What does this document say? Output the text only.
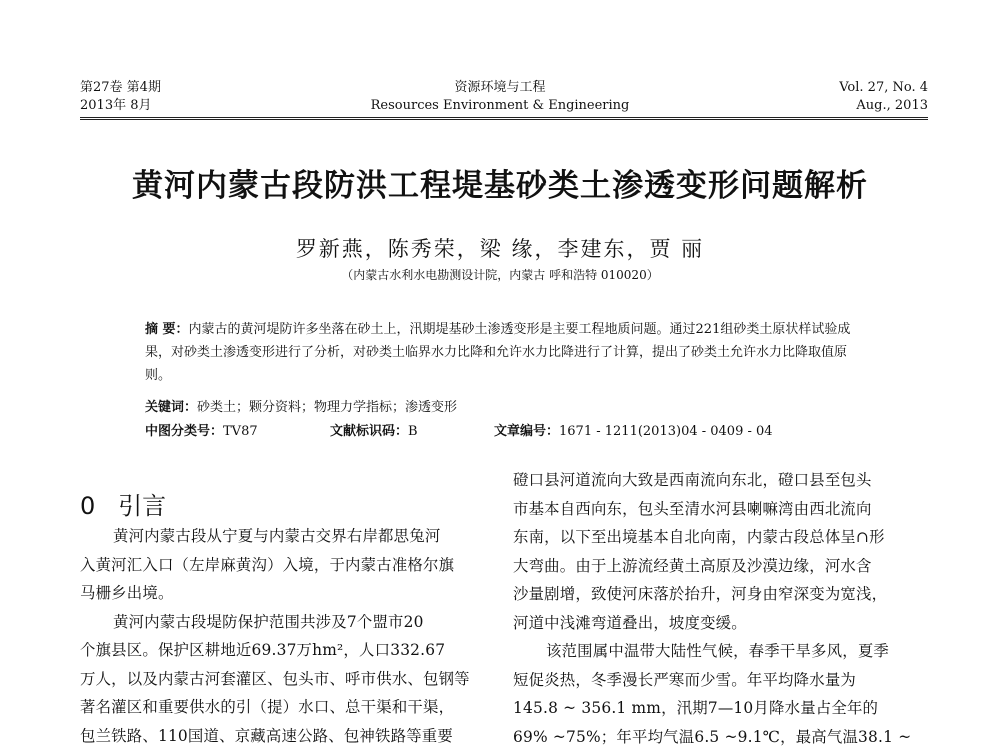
第27卷 第4期
2013年 8月
资源环境与工程
Resources Environment & Engineering
Vol. 27, No. 4
Aug., 2013
黄河内蒙古段防洪工程堤基砂类土渗透变形问题解析
罗新燕，陈秀荣，梁 缘，李建东，贾 丽
（内蒙古水利水电勘测设计院，内蒙古 呼和浩特 010020）
摘 要：内蒙古的黄河堤防许多坐落在砂土上，汛期堤基砂土渗透变形是主要工程地质问题。通过221组砂类土原状样试验成果，对砂类土渗透变形进行了分析，对砂类土临界水力比降和允许水力比降进行了计算，提出了砂类土允许水力比降取值原则。
关键词：砂类土；颗分资料；物理力学指标；渗透变形
中图分类号：TV87	文献标识码：B	文章编号：1671 - 1211(2013)04 - 0409 - 04
0 引言

黄河内蒙古段从宁夏与内蒙古交界右岸都思兔河

入黄河汇入口（左岸麻黄沟）入境，于内蒙古准格尔旗

马栅乡出境。

黄河内蒙古段堤防保护范围共涉及7个盟市20

个旗县区。保护区耕地近69.37万hm²，人口332.67

万人，以及内蒙古河套灌区、包头市、呼市供水、包钢等

著名灌区和重要供水的引（提）水口、总干渠和干渠，

包兰铁路、110国道、京藏高速公路、包神铁路等重要

磴口县河道流向大致是西南流向东北，磴口县至包头

市基本自西向东，包头至清水河县喇嘛湾由西北流向

东南，以下至出境基本自北向南，内蒙古段总体呈∩形

大弯曲。由于上游流经黄土高原及沙漠边缘，河水含

沙量剧增，致使河床落於抬升，河身由窄深变为宽浅，

河道中浅滩弯道叠出，坡度变缓。

该范围属中温带大陆性气候，春季干旱多风，夏季

短促炎热，冬季漫长严寒而少雪。年平均降水量为

145.8 ~ 356.1 mm，汛期7—10月降水量占全年的

69% ~75%；年平均气温6.5 ~9.1℃，最高气温38.1 ~
